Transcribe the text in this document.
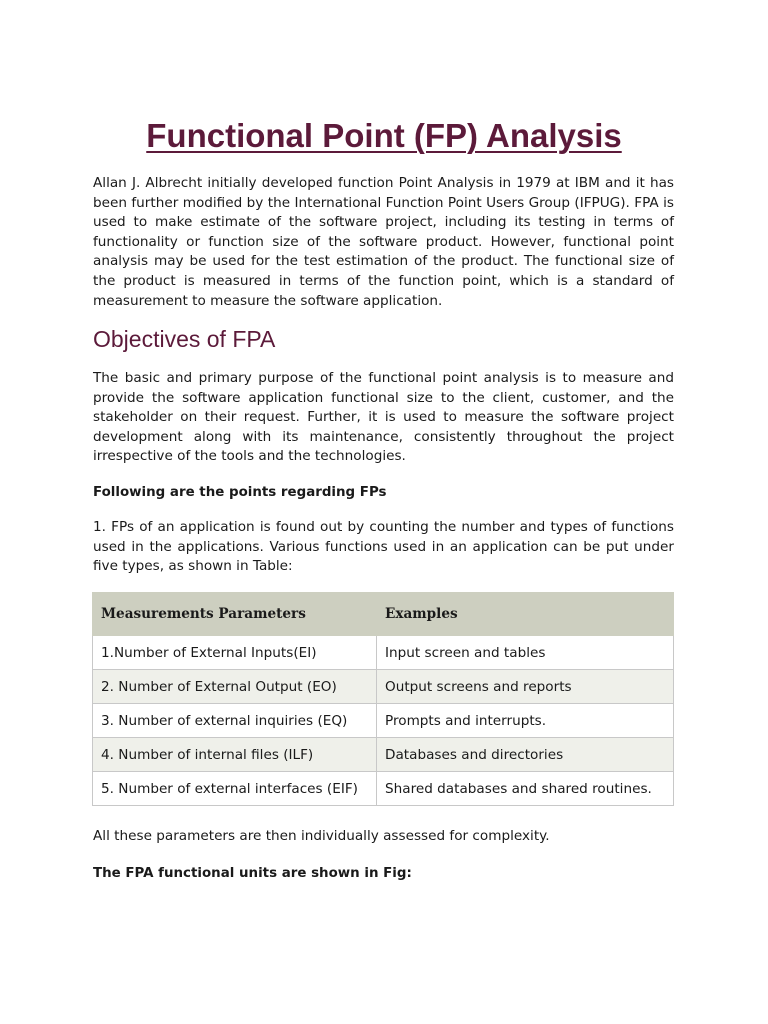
Functional Point (FP) Analysis

Allan J. Albrecht initially developed function Point Analysis in 1979 at IBM and it has been further modified by the International Function Point Users Group (IFPUG). FPA is used to make estimate of the software project, including its testing in terms of functionality or function size of the software product. However, functional point analysis may be used for the test estimation of the product. The functional size of the product is measured in terms of the function point, which is a standard of measurement to measure the software application.

Objectives of FPA

The basic and primary purpose of the functional point analysis is to measure and provide the software application functional size to the client, customer, and the stakeholder on their request. Further, it is used to measure the software project development along with its maintenance, consistently throughout the project irrespective of the tools and the technologies.

Following are the points regarding FPs

1. FPs of an application is found out by counting the number and types of functions used in the applications. Various functions used in an application can be put under five types, as shown in Table:

Measurements Parameters	Examples
1.Number of External Inputs(EI)	Input screen and tables
2. Number of External Output (EO)	Output screens and reports
3. Number of external inquiries (EQ)	Prompts and interrupts.
4. Number of internal files (ILF)	Databases and directories
5. Number of external interfaces (EIF)	Shared databases and shared routines.

All these parameters are then individually assessed for complexity.

The FPA functional units are shown in Fig:
